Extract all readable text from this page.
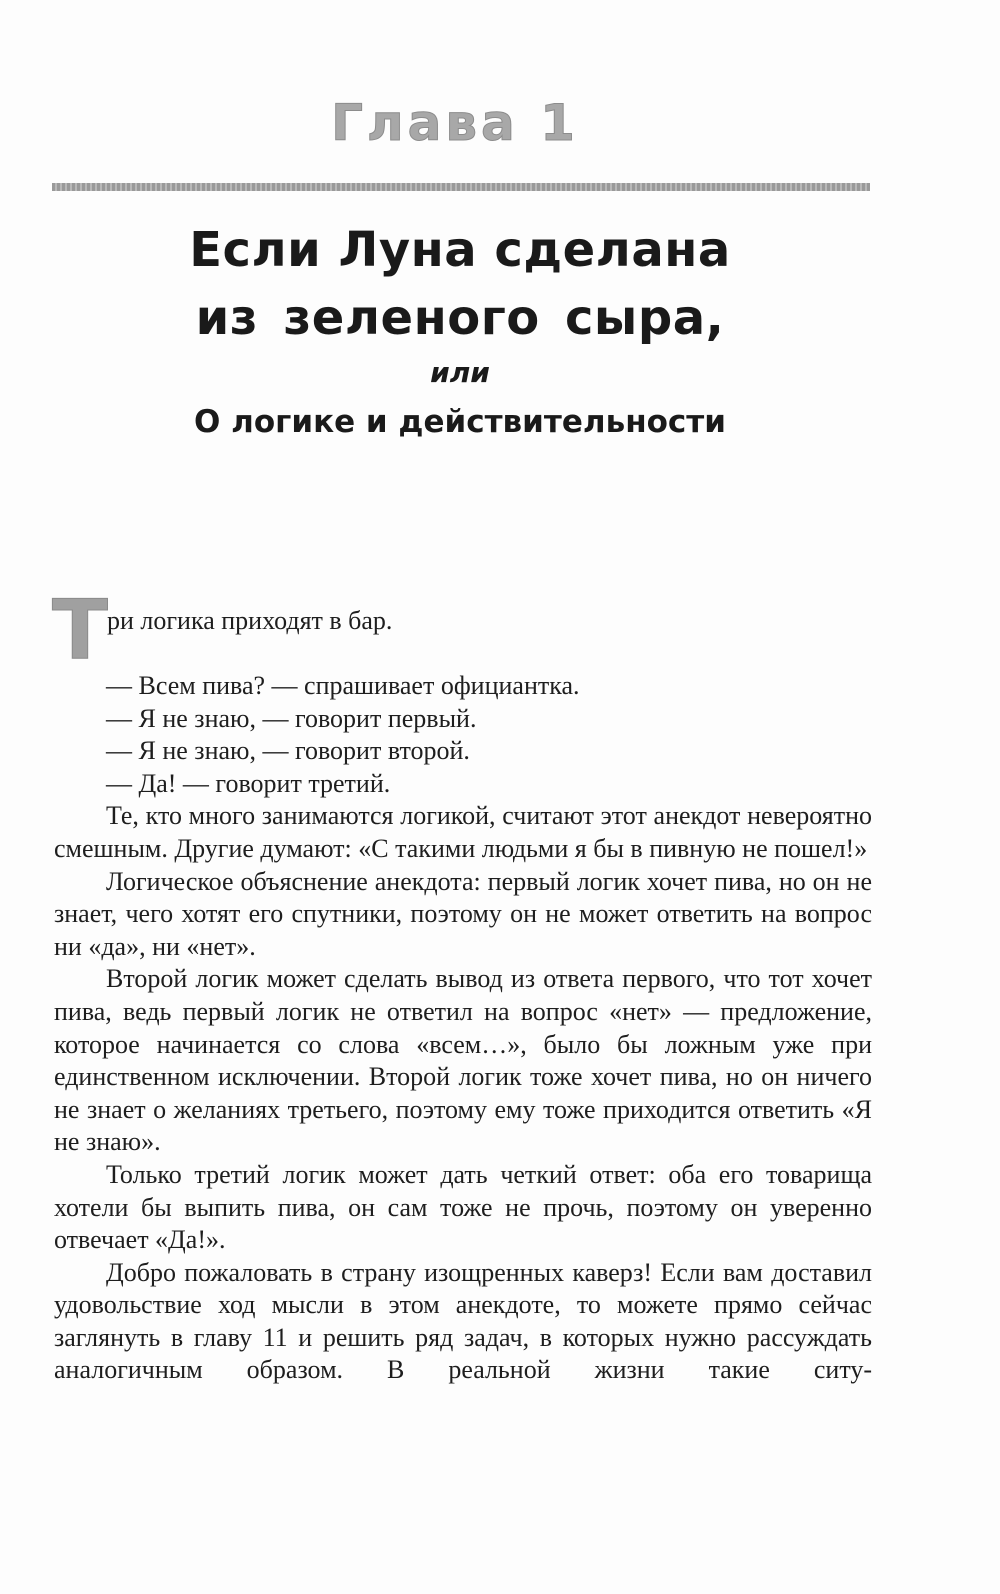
Глава 1
Если Луна сделана
из зеленого сыра,
или
О логике и действительности
Т ри логика приходят в бар.

— Всем пива? — спрашивает официантка.

— Я не знаю, — говорит первый.

— Я не знаю, — говорит второй.

— Да! — говорит третий.

Те, кто много занимаются логикой, считают этот анекдот невероятно смешным. Другие думают: «С такими людьми я бы в пивную не пошел!»

Логическое объяснение анекдота: первый логик хочет пива, но он не знает, чего хотят его спутники, поэтому он не может ответить на вопрос ни «да», ни «нет».

Второй логик может сделать вывод из ответа первого, что тот хочет пива, ведь первый логик не ответил на вопрос «нет» — предложение, которое начинается со слова «всем…», было бы ложным уже при единственном исключении. Второй логик тоже хочет пива, но он ничего не знает о желаниях третьего, поэтому ему тоже приходится ответить «Я не знаю».

Только третий логик может дать четкий ответ: оба его товарища хотели бы выпить пива, он сам тоже не прочь, поэтому он уверенно отвечает «Да!».

Добро пожаловать в страну изощренных каверз! Если вам доставил удовольствие ход мысли в этом анекдоте, то можете прямо сейчас заглянуть в главу 11 и решить ряд задач, в которых нужно рассуждать аналогичным образом. В реальной жизни такие ситу-
